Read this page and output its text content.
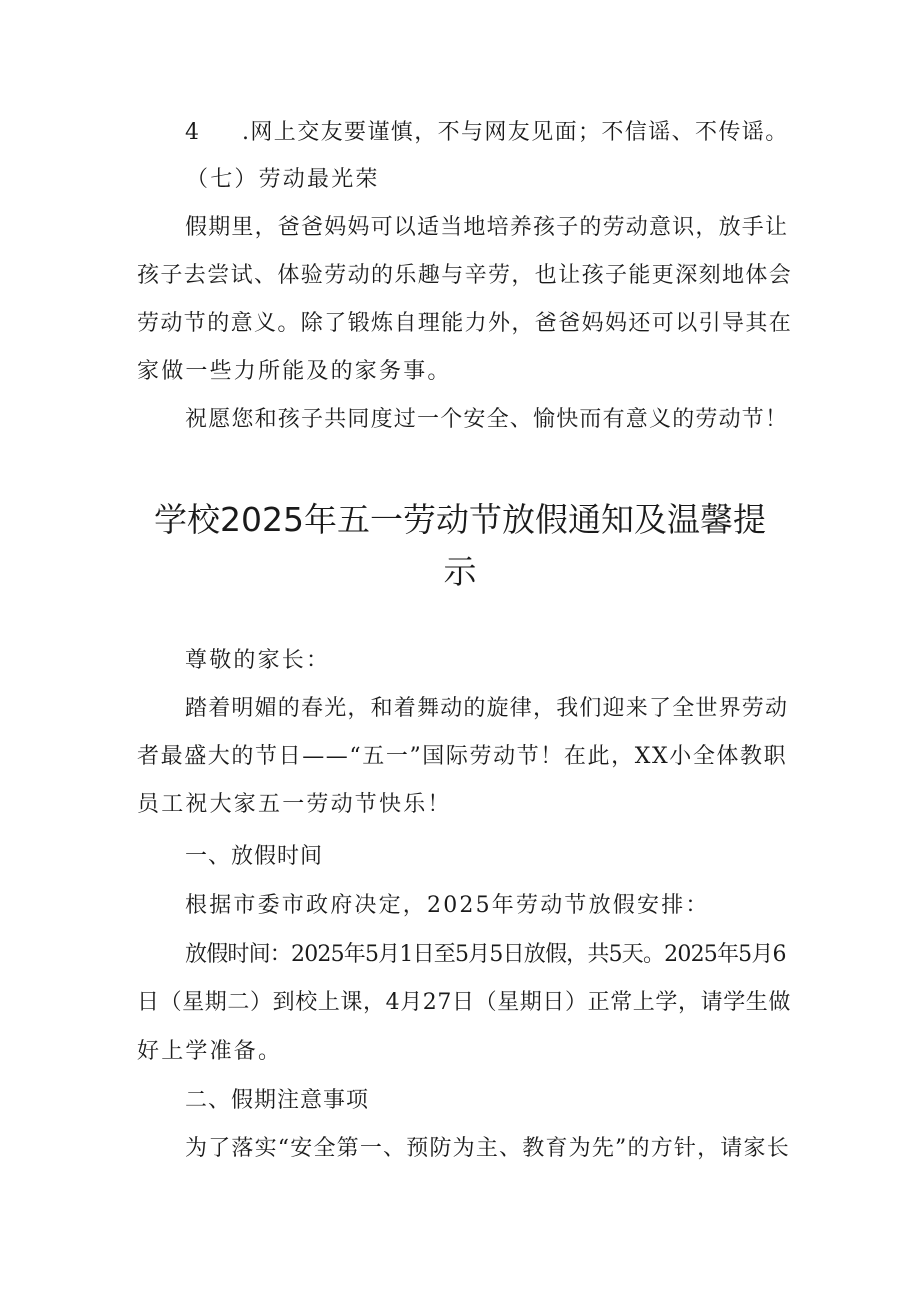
4 .网上交友要谨慎，不与网友见面；不信谣、不传谣。
（七）劳动最光荣
假期里，爸爸妈妈可以适当地培养孩子的劳动意识，放手让
孩子去尝试、体验劳动的乐趣与辛劳，也让孩子能更深刻地体会
劳动节的意义。除了锻炼自理能力外，爸爸妈妈还可以引导其在
家做一些力所能及的家务事。
祝愿您和孩子共同度过一个安全、愉快而有意义的劳动节！
学校2025年五一劳动节放假通知及温馨提
示
尊敬的家长：
踏着明媚的春光，和着舞动的旋律，我们迎来了全世界劳动
者最盛大的节日——“五一”国际劳动节！在此，XX小全体教职
员工祝大家五一劳动节快乐！
一、放假时间
根据市委市政府决定，2025年劳动节放假安排：
放假时间：2025年5月1日至5月5日放假，共5天。2025年5月6
日（星期二）到校上课，4月27日（星期日）正常上学，请学生做
好上学准备。
二、假期注意事项
为了落实“安全第一、预防为主、教育为先”的方针，请家长
